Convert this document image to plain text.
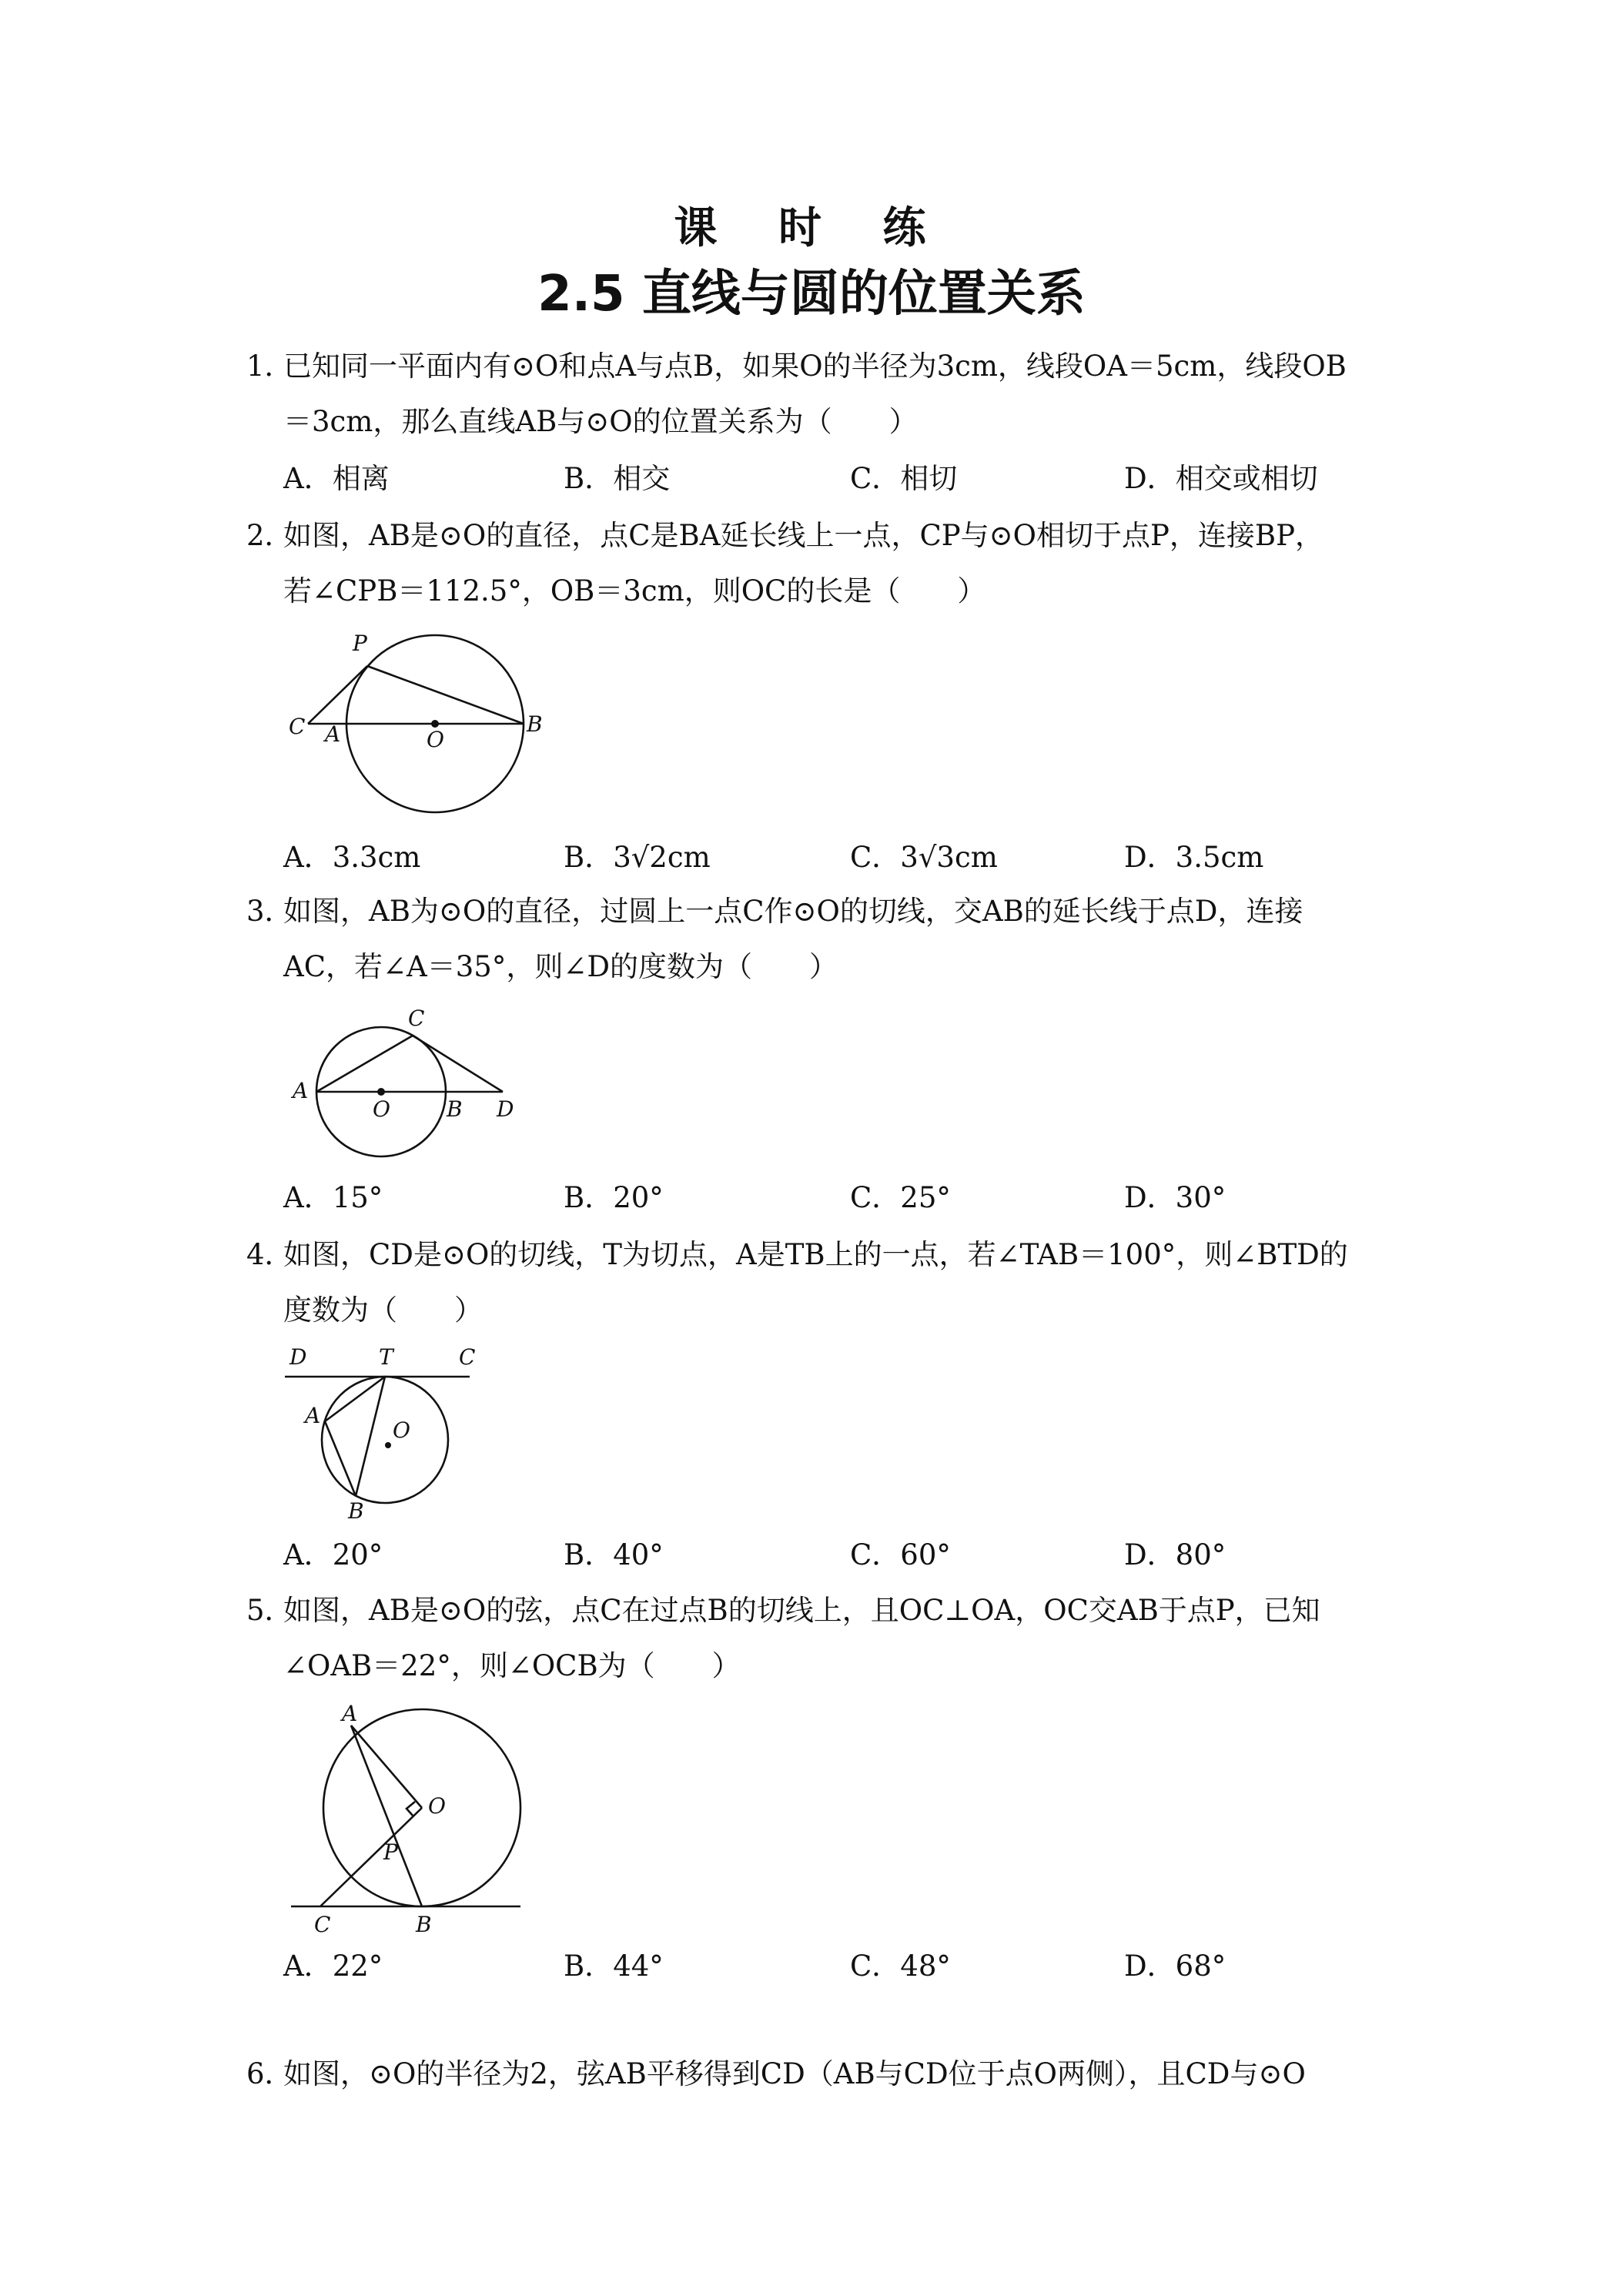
课 时 练
2.5 直线与圆的位置关系
1．已知同一平面内有⊙O和点A与点B，如果O的半径为3cm，线段OA＝5cm，线段OB
＝3cm，那么直线AB与⊙O的位置关系为（　　）
A．相离	B．相交	C．相切	D．相交或相切
2．如图，AB是⊙O的直径，点C是BA延长线上一点，CP与⊙O相切于点P，连接BP，
若∠CPB＝112.5°，OB＝3cm，则OC的长是（　　）
P
C A	O
B
A．3.3cm	B．3√2cm	C．3√3cm	D．3.5cm
3．如图，AB为⊙O的直径，过圆上一点C作⊙O的切线，交AB的延长线于点D，连接
AC，若∠A＝35°，则∠D的度数为（　　）
C
A
O	B D
A．15°	B．20°	C．25°	D．30°
4．如图，CD是⊙O的切线，T为切点，A是TB上的一点，若∠TAB＝100°，则∠BTD的
度数为（　　）
D	T	C
A
O
B
A．20°	B．40°	C．60°	D．80°
5．如图，AB是⊙O的弦，点C在过点B的切线上，且OC⊥OA，OC交AB于点P，已知
∠OAB＝22°，则∠OCB为（　　）
A
O
P
C	B
A．22°	B．44°	C．48°	D．68°
6．如图，⊙O的半径为2，弦AB平移得到CD（AB与CD位于点O两侧），且CD与⊙O
